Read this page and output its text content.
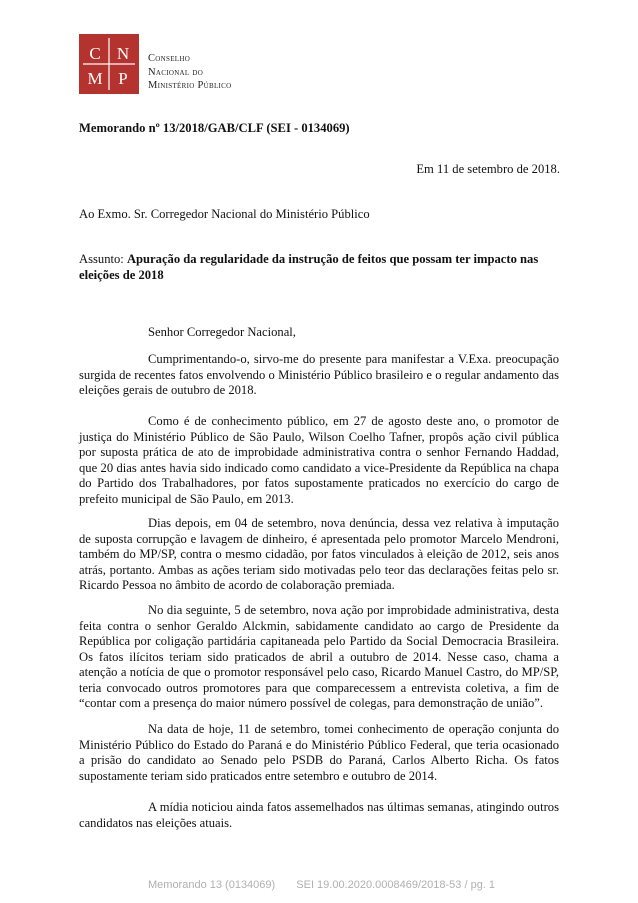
C N
M P
Conselho
Nacional do
Ministério Público
Memorando nº 13/2018/GAB/CLF (SEI - 0134069)
Em 11 de setembro de 2018.
Ao Exmo. Sr. Corregedor Nacional do Ministério Público
Assunto: Apuração da regularidade da instrução de feitos que possam ter impacto nas eleições de 2018
Senhor Corregedor Nacional,
Cumprimentando-o, sirvo-me do presente para manifestar a V.Exa. preocupação surgida de recentes fatos envolvendo o Ministério Público brasileiro e o regular andamento das eleições gerais de outubro de 2018.
Como é de conhecimento público, em 27 de agosto deste ano, o promotor de justiça do Ministério Público de São Paulo, Wilson Coelho Tafner, propôs ação civil pública por suposta prática de ato de improbidade administrativa contra o senhor Fernando Haddad, que 20 dias antes havia sido indicado como candidato a vice-Presidente da República na chapa do Partido dos Trabalhadores, por fatos supostamente praticados no exercício do cargo de prefeito municipal de São Paulo, em 2013.
Dias depois, em 04 de setembro, nova denúncia, dessa vez relativa à imputação de suposta corrupção e lavagem de dinheiro, é apresentada pelo promotor Marcelo Mendroni, também do MP/SP, contra o mesmo cidadão, por fatos vinculados à eleição de 2012, seis anos atrás, portanto. Ambas as ações teriam sido motivadas pelo teor das declarações feitas pelo sr. Ricardo Pessoa no âmbito de acordo de colaboração premiada.
No dia seguinte, 5 de setembro, nova ação por improbidade administrativa, desta feita contra o senhor Geraldo Alckmin, sabidamente candidato ao cargo de Presidente da República por coligação partidária capitaneada pelo Partido da Social Democracia Brasileira. Os fatos ilícitos teriam sido praticados de abril a outubro de 2014. Nesse caso, chama a atenção a notícia de que o promotor responsável pelo caso, Ricardo Manuel Castro, do MP/SP, teria convocado outros promotores para que comparecessem a entrevista coletiva, a fim de “contar com a presença do maior número possível de colegas, para demonstração de união”.
Na data de hoje, 11 de setembro, tomei conhecimento de operação conjunta do Ministério Público do Estado do Paraná e do Ministério Público Federal, que teria ocasionado a prisão do candidato ao Senado pelo PSDB do Paraná, Carlos Alberto Richa. Os fatos supostamente teriam sido praticados entre setembro e outubro de 2014.
A mídia noticiou ainda fatos assemelhados nas últimas semanas, atingindo outros candidatos nas eleições atuais.
Memorando 13 (0134069) SEI 19.00.2020.0008469/2018-53 / pg. 1
